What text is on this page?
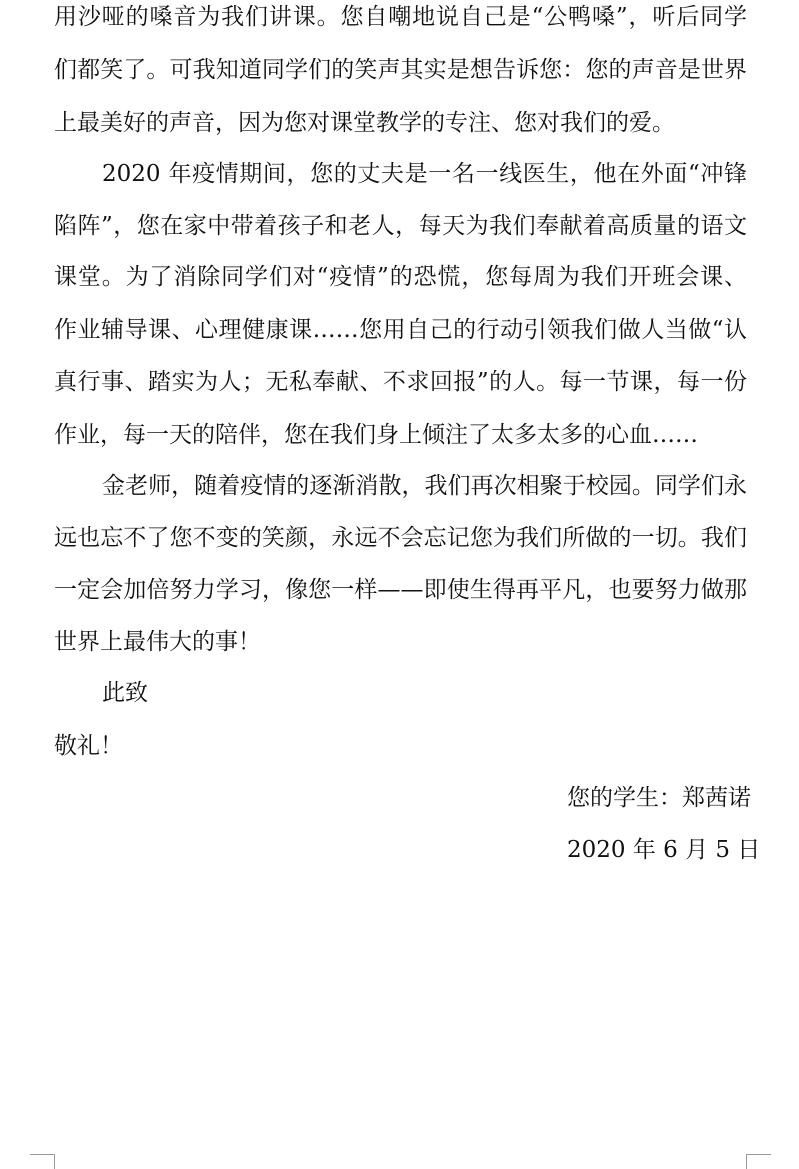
用沙哑的嗓音为我们讲课。您自嘲地说自己是“公鸭嗓”，听后同学
们都笑了。可我知道同学们的笑声其实是想告诉您：您的声音是世界
上最美好的声音，因为您对课堂教学的专注、您对我们的爱。
2020 年疫情期间，您的丈夫是一名一线医生，他在外面“冲锋
陷阵”，您在家中带着孩子和老人，每天为我们奉献着高质量的语文
课堂。为了消除同学们对“疫情”的恐慌，您每周为我们开班会课、
作业辅导课、心理健康课……您用自己的行动引领我们做人当做“认
真行事、踏实为人；无私奉献、不求回报”的人。每一节课，每一份
作业，每一天的陪伴，您在我们身上倾注了太多太多的心血……
金老师，随着疫情的逐渐消散，我们再次相聚于校园。同学们永
远也忘不了您不变的笑颜，永远不会忘记您为我们所做的一切。我们
一定会加倍努力学习，像您一样——即使生得再平凡，也要努力做那
世界上最伟大的事！
此致
敬礼！
您的学生：郑茜诺
2020 年 6 月 5 日
